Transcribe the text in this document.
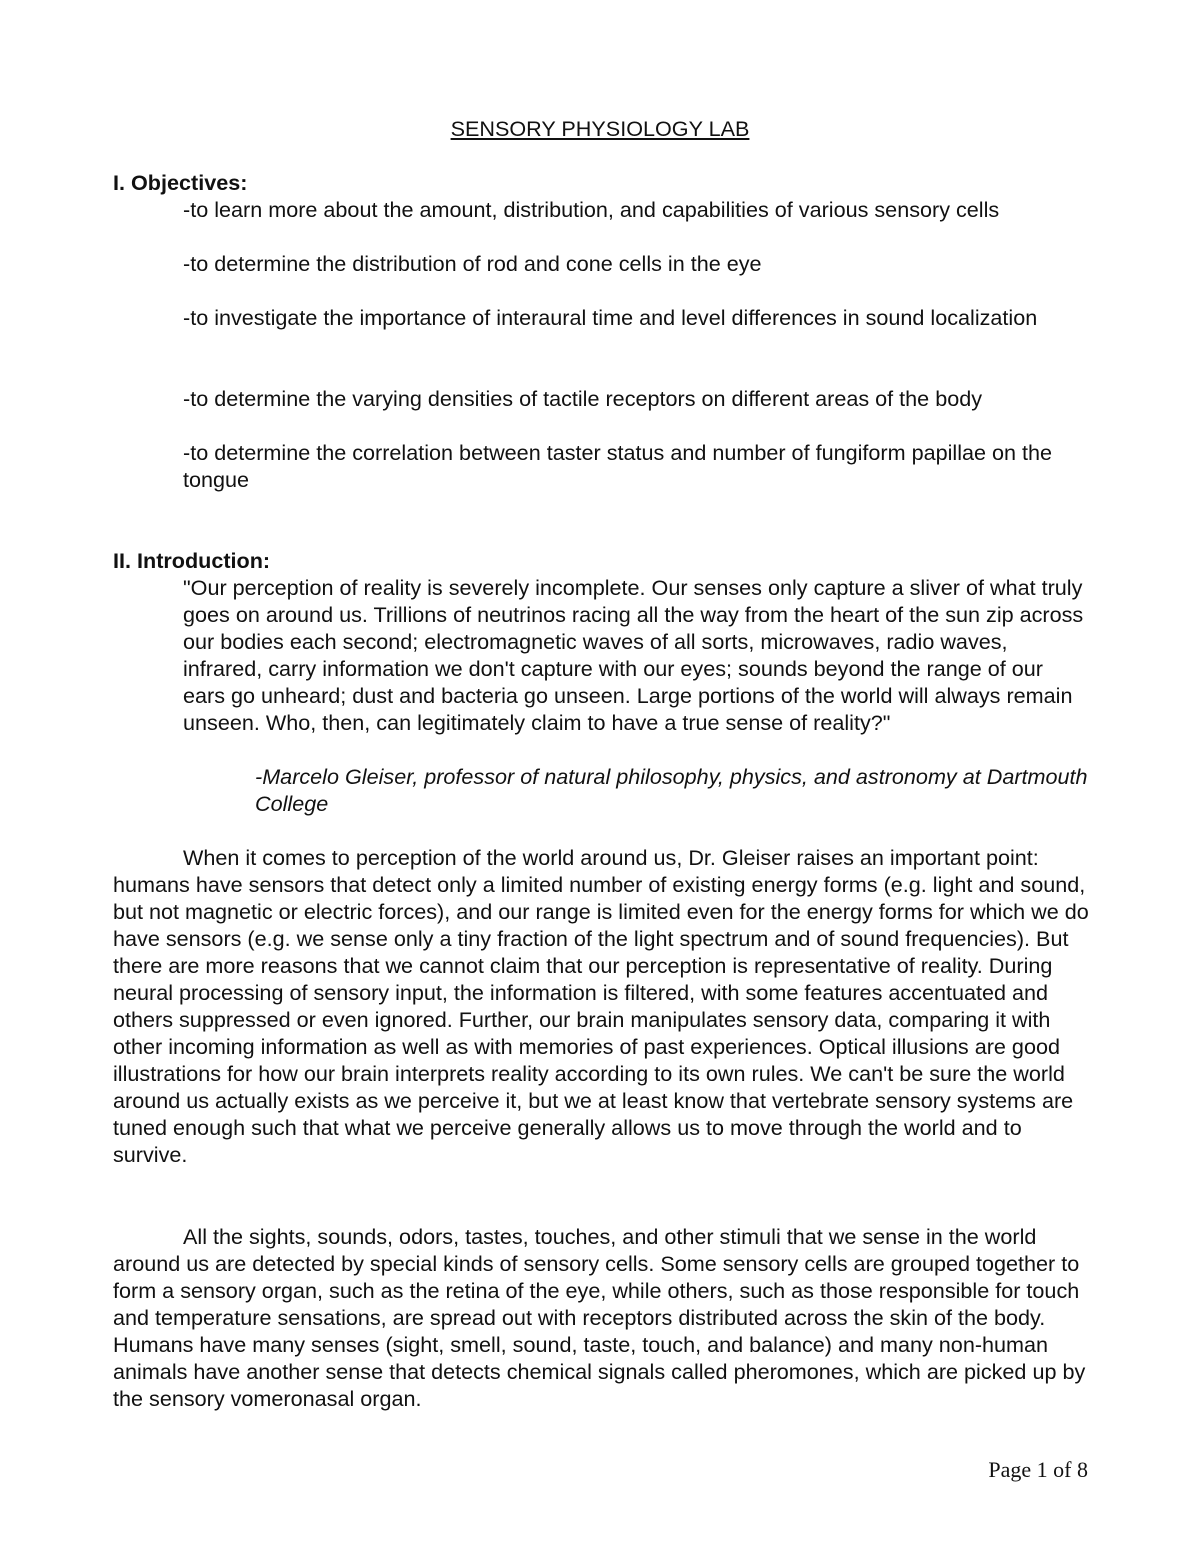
SENSORY PHYSIOLOGY LAB
I. Objectives:
-to learn more about the amount, distribution, and capabilities of various sensory cells
-to determine the distribution of rod and cone cells in the eye
-to investigate the importance of interaural time and level differences in sound localization
-to determine the varying densities of tactile receptors on different areas of the body
-to determine the correlation between taster status and number of fungiform papillae on the tongue
II. Introduction:
"Our perception of reality is severely incomplete. Our senses only capture a sliver of what truly goes on around us. Trillions of neutrinos racing all the way from the heart of the sun zip across our bodies each second; electromagnetic waves of all sorts, microwaves, radio waves, infrared, carry information we don't capture with our eyes; sounds beyond the range of our ears go unheard; dust and bacteria go unseen. Large portions of the world will always remain unseen. Who, then, can legitimately claim to have a true sense of reality?"
-Marcelo Gleiser, professor of natural philosophy, physics, and astronomy at Dartmouth College
When it comes to perception of the world around us, Dr. Gleiser raises an important point: humans have sensors that detect only a limited number of existing energy forms (e.g. light and sound, but not magnetic or electric forces), and our range is limited even for the energy forms for which we do have sensors (e.g. we sense only a tiny fraction of the light spectrum and of sound frequencies). But there are more reasons that we cannot claim that our perception is representative of reality. During neural processing of sensory input, the information is filtered, with some features accentuated and others suppressed or even ignored. Further, our brain manipulates sensory data, comparing it with other incoming information as well as with memories of past experiences. Optical illusions are good illustrations for how our brain interprets reality according to its own rules. We can't be sure the world around us actually exists as we perceive it, but we at least know that vertebrate sensory systems are tuned enough such that what we perceive generally allows us to move through the world and to survive.
All the sights, sounds, odors, tastes, touches, and other stimuli that we sense in the world around us are detected by special kinds of sensory cells. Some sensory cells are grouped together to form a sensory organ, such as the retina of the eye, while others, such as those responsible for touch and temperature sensations, are spread out with receptors distributed across the skin of the body. Humans have many senses (sight, smell, sound, taste, touch, and balance) and many non-human animals have another sense that detects chemical signals called pheromones, which are picked up by the sensory vomeronasal organ.
Page 1 of 8
